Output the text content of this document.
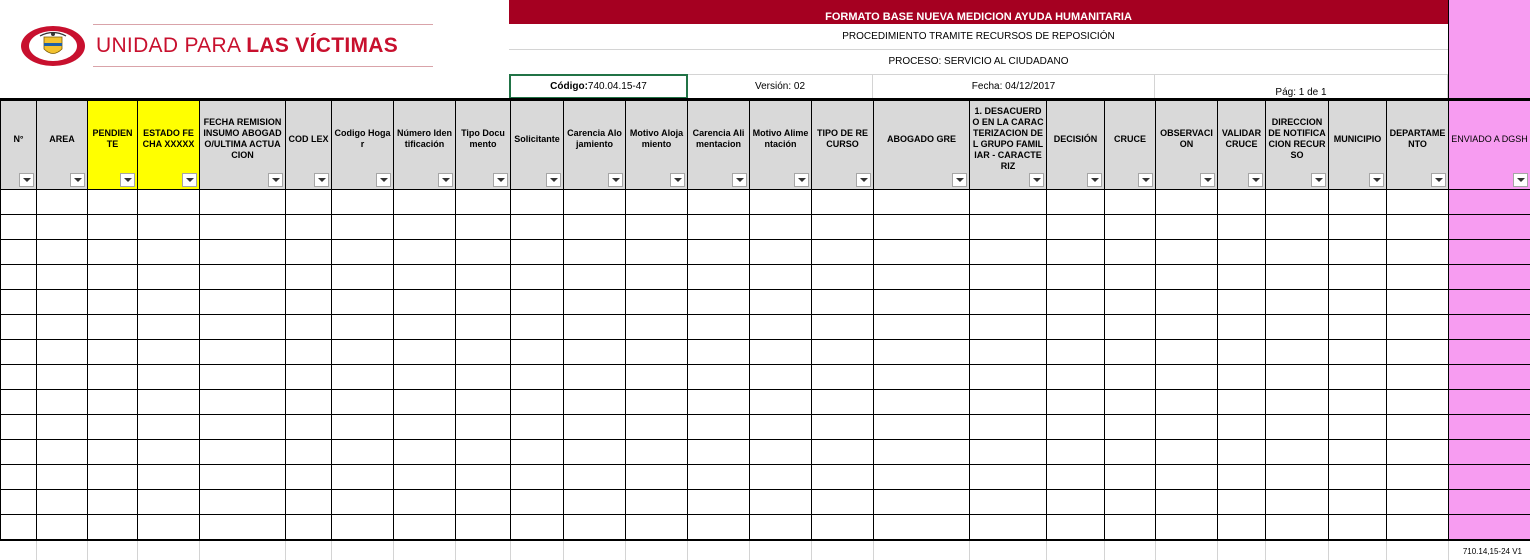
UNIDAD PARA LAS VÍCTIMAS
FORMATO BASE NUEVA MEDICION AYUDA HUMANITARIA
PROCEDIMIENTO TRAMITE RECURSOS DE REPOSICIÓN
PROCESO: SERVICIO AL CIUDADANO
Código: 740.04.15-47	Versión: 02	Fecha: 04/12/2017
Pág: 1 de 1
N°	AREA	PENDIENTE	ESTADO FECHA XXXXX	FECHA REMISION INSUMO ABOGADO/ULTIMA ACTUACION	COD LEX	Codigo Hogar	Número Identificación	Tipo Documento	Solicitante	Carencia Alojamiento	Motivo Alojamiento	Carencia Alimentacion	Motivo Alimentación	TIPO DE RECURSO	ABOGADO GRE	1. DESACUERDO EN LA CARACTERIZACION DEL GRUPO FAMILIAR - CARACTERIZ	DECISIÓN	CRUCE	OBSERVACION	VALIDAR CRUCE	DIRECCION DE NOTIFICACION RECURSO	MUNICIPIO	DEPARTAMENTO	ENVIADO A DGSH

710.14,15-24 V1
